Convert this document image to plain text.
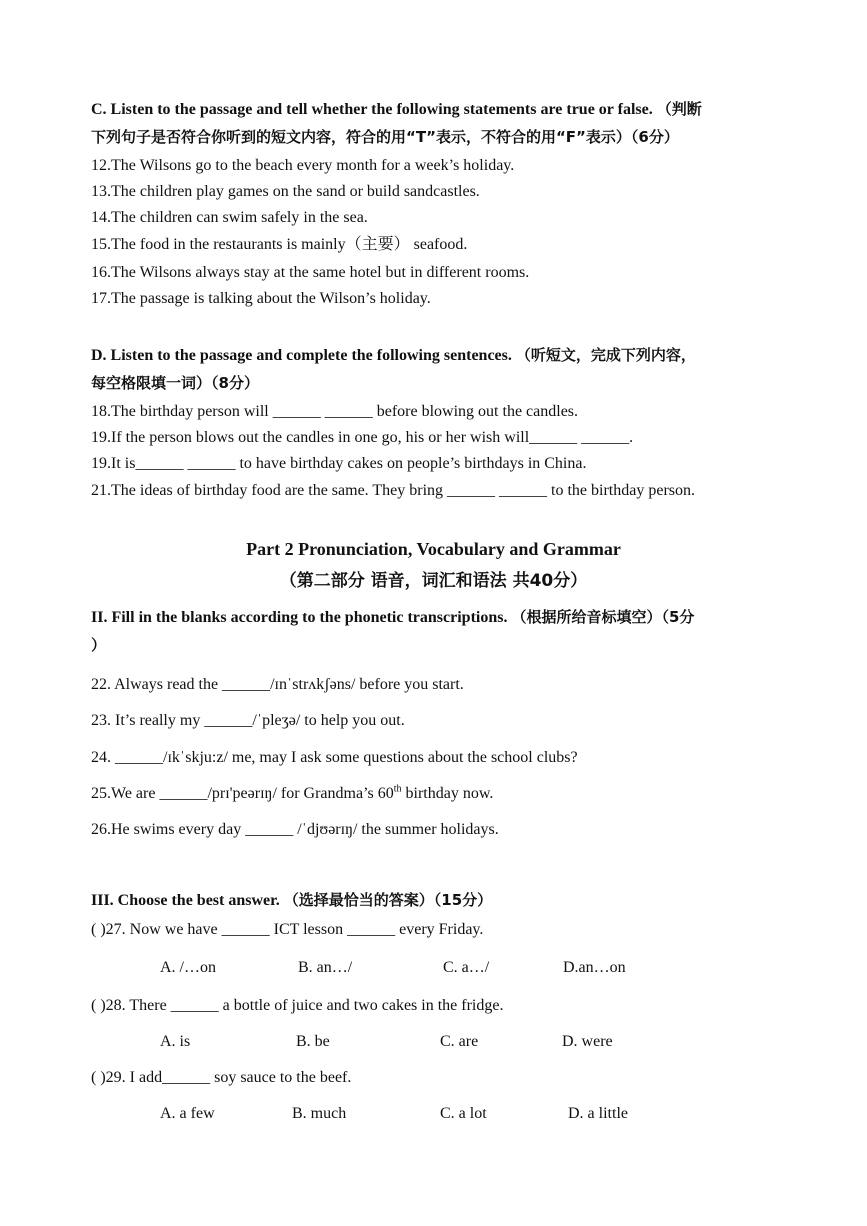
C. Listen to the passage and tell whether the following statements are true or false. （判断
下列句子是否符合你听到的短文内容，符合的用“T”表示，不符合的用“F”表示）（6分）
12.The Wilsons go to the beach every month for a week’s holiday.
13.The children play games on the sand or build sandcastles.
14.The children can swim safely in the sea.
15.The food in the restaurants is mainly（主要） seafood.
16.The Wilsons always stay at the same hotel but in different rooms.
17.The passage is talking about the Wilson’s holiday.
D. Listen to the passage and complete the following sentences. （听短文，完成下列内容，
每空格限填一词）（8分）
18.The birthday person will ______ ______ before blowing out the candles.
19.If the person blows out the candles in one go, his or her wish will______ ______.
19.It is______ ______ to have birthday cakes on people’s birthdays in China.
21.The ideas of birthday food are the same. They bring ______ ______ to the birthday person.
Part 2 Pronunciation, Vocabulary and Grammar
（第二部分 语音，词汇和语法 共40分）
II. Fill in the blanks according to the phonetic transcriptions. （根据所给音标填空）（5分
）
22. Always read the ______/ɪnˈstrʌkʃəns/ before you start.
23. It’s really my ______/ˈpleʒə/ to help you out.
24. ______/ɪkˈskju:z/ me, may I ask some questions about the school clubs?
25.We are ______/prɪ'peərɪŋ/ for Grandma’s 60th birthday now.
26.He swims every day ______ /ˈdjʊərɪŋ/ the summer holidays.
III. Choose the best answer. （选择最恰当的答案）（15分）
( )27. Now we have ______ ICT lesson ______ every Friday.
A. /…on	B. an…/	C. a…/	D.an…on
( )28. There ______ a bottle of juice and two cakes in the fridge.
A. is	B. be	C. are	D. were
( )29. I add______ soy sauce to the beef.
A. a few	B. much	C. a lot	D. a little
